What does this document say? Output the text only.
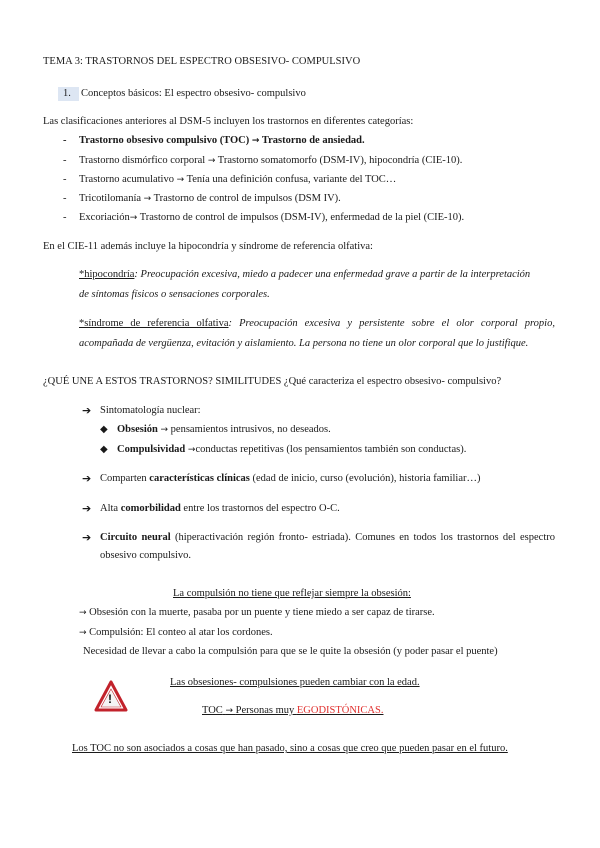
TEMA 3: TRASTORNOS DEL ESPECTRO OBSESIVO- COMPULSIVO
1. Conceptos básicos: El espectro obsesivo- compulsivo
Las clasificaciones anteriores al DSM-5 incluyen los trastornos en diferentes categorías:
- Trastorno obsesivo compulsivo (TOC) → Trastorno de ansiedad.
- Trastorno dismórfico corporal → Trastorno somatomorfo (DSM-IV), hipocondría (CIE-10).
- Trastorno acumulativo → Tenía una definición confusa, variante del TOC…
- Tricotilomanía → Trastorno de control de impulsos (DSM IV).
- Excoriación→ Trastorno de control de impulsos (DSM-IV), enfermedad de la piel (CIE-10).
En el CIE-11 además incluye la hipocondría y síndrome de referencia olfativa:
*hipocondría: Preocupación excesiva, miedo a padecer una enfermedad grave a partir de la interpretación
de síntomas físicos o sensaciones corporales.
*síndrome de referencia olfativa: Preocupación excesiva y persistente sobre el olor corporal propio,
acompañada de vergüenza, evitación y aislamiento. La persona no tiene un olor corporal que lo justifique.
¿QUÉ UNE A ESTOS TRASTORNOS? SIMILITUDES ¿Qué caracteriza el espectro obsesivo- compulsivo?
➔ Sintomatología nuclear:
◆ Obsesión → pensamientos intrusivos, no deseados.
◆ Compulsividad →conductas repetitivas (los pensamientos también son conductas).
➔ Comparten características clínicas (edad de inicio, curso (evolución), historia familiar…)
➔ Alta comorbilidad entre los trastornos del espectro O-C.
➔ Circuito neural (hiperactivación región fronto- estriada). Comunes en todos los trastornos del espectro
obsesivo compulsivo.
La compulsión no tiene que reflejar siempre la obsesión:
→ Obsesión con la muerte, pasaba por un puente y tiene miedo a ser capaz de tirarse.
→ Compulsión: El conteo al atar los cordones.
Necesidad de llevar a cabo la compulsión para que se le quite la obsesión (y poder pasar el puente)
!
Las obsesiones- compulsiones pueden cambiar con la edad.
TOC → Personas muy EGODISTÓNICAS.
Los TOC no son asociados a cosas que han pasado, sino a cosas que creo que pueden pasar en el futuro.
